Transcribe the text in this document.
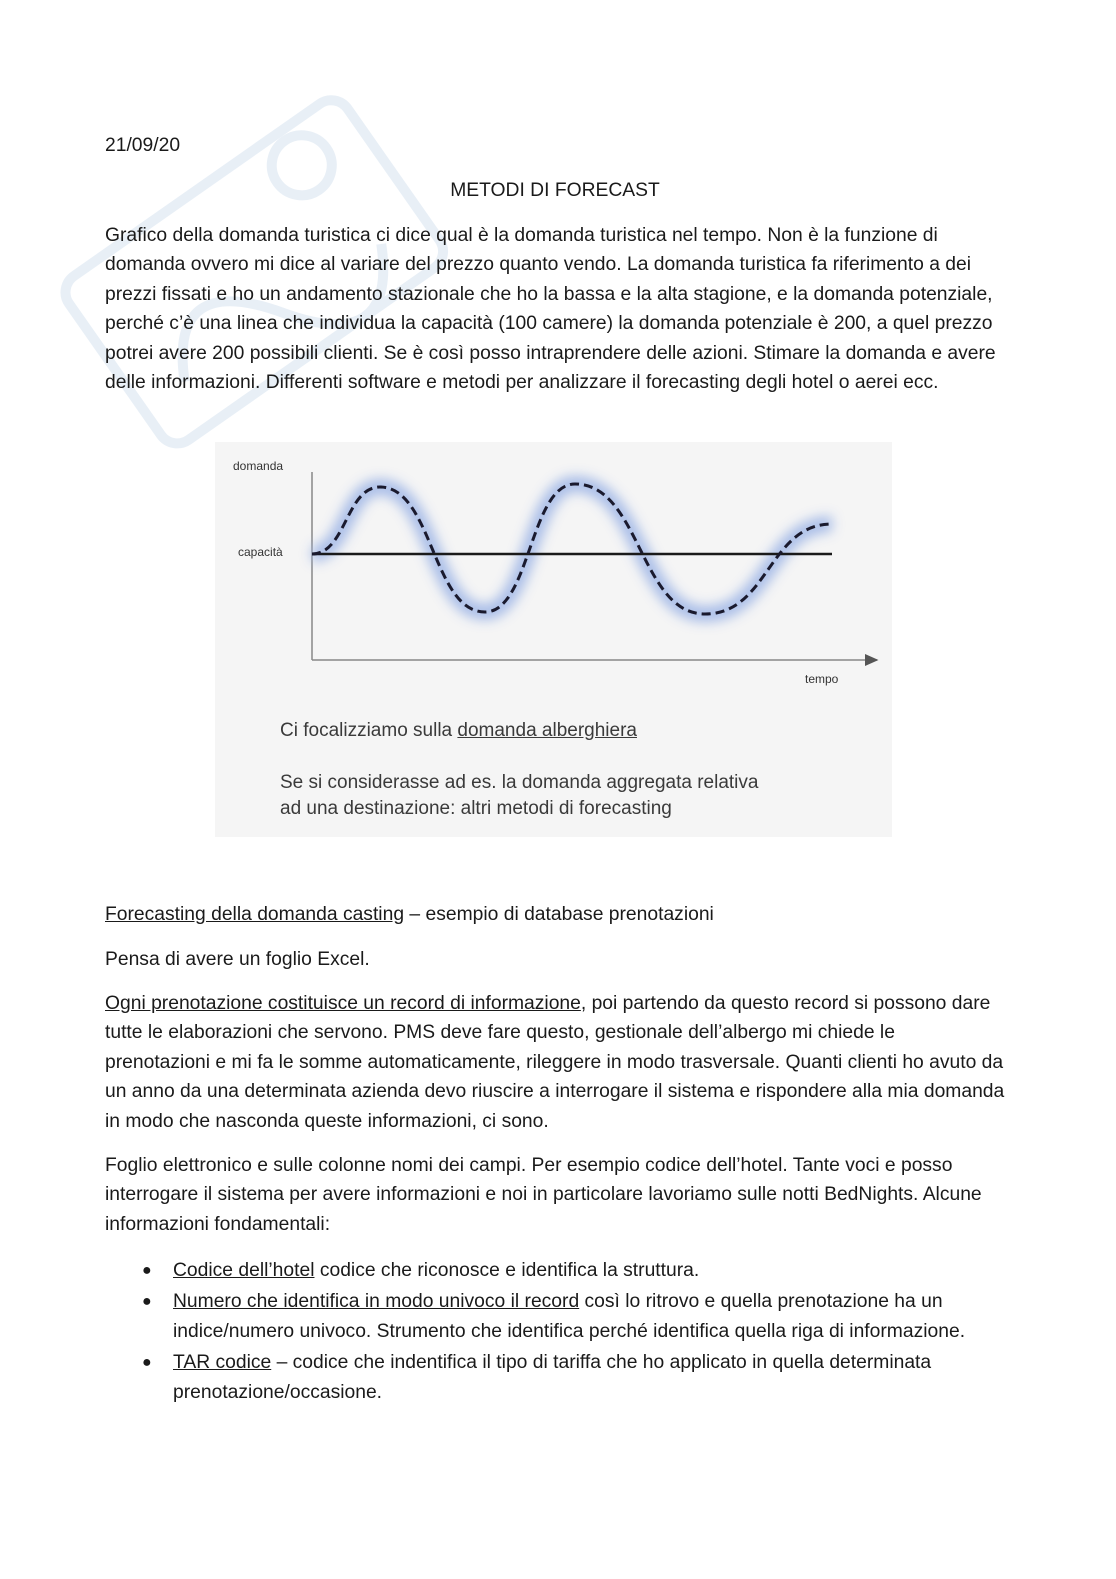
21/09/20
METODI DI FORECAST

Grafico della domanda turistica ci dice qual è la domanda turistica nel tempo. Non è la funzione di domanda ovvero mi dice al variare del prezzo quanto vendo. La domanda turistica fa riferimento a dei prezzi fissati e ho un andamento stazionale che ho la bassa e la alta stagione, e la domanda potenziale, perché c’è una linea che individua la capacità (100 camere) la domanda potenziale è 200, a quel prezzo potrei avere 200 possibili clienti. Se è così posso intraprendere delle azioni. Stimare la domanda e avere delle informazioni. Differenti software e metodi per analizzare il forecasting degli hotel o aerei ecc.

Forecasting della domanda casting – esempio di database prenotazioni

Pensa di avere un foglio Excel.

Ogni prenotazione costituisce un record di informazione, poi partendo da questo record si possono dare tutte le elaborazioni che servono. PMS deve fare questo, gestionale dell’albergo mi chiede le prenotazioni e mi fa le somme automaticamente, rileggere in modo trasversale. Quanti clienti ho avuto da un anno da una determinata azienda devo riuscire a interrogare il sistema e rispondere alla mia domanda in modo che nasconda queste informazioni, ci sono.

Foglio elettronico e sulle colonne nomi dei campi. Per esempio codice dell’hotel. Tante voci e posso interrogare il sistema per avere informazioni e noi in particolare lavoriamo sulle notti BedNights. Alcune informazioni fondamentali:

● Codice dell’hotel codice che riconosce e identifica la struttura.
● Numero che identifica in modo univoco il record così lo ritrovo e quella prenotazione ha un indice/numero univoco. Strumento che identifica perché identifica quella riga di informazione.
● TAR codice – codice che indentifica il tipo di tariffa che ho applicato in quella determinata prenotazione/occasione.
domanda
capacità
tempo
Ci focalizziamo sulla domanda alberghiera
Se si considerasse ad es. la domanda aggregata relativa
ad una destinazione: altri metodi di forecasting
